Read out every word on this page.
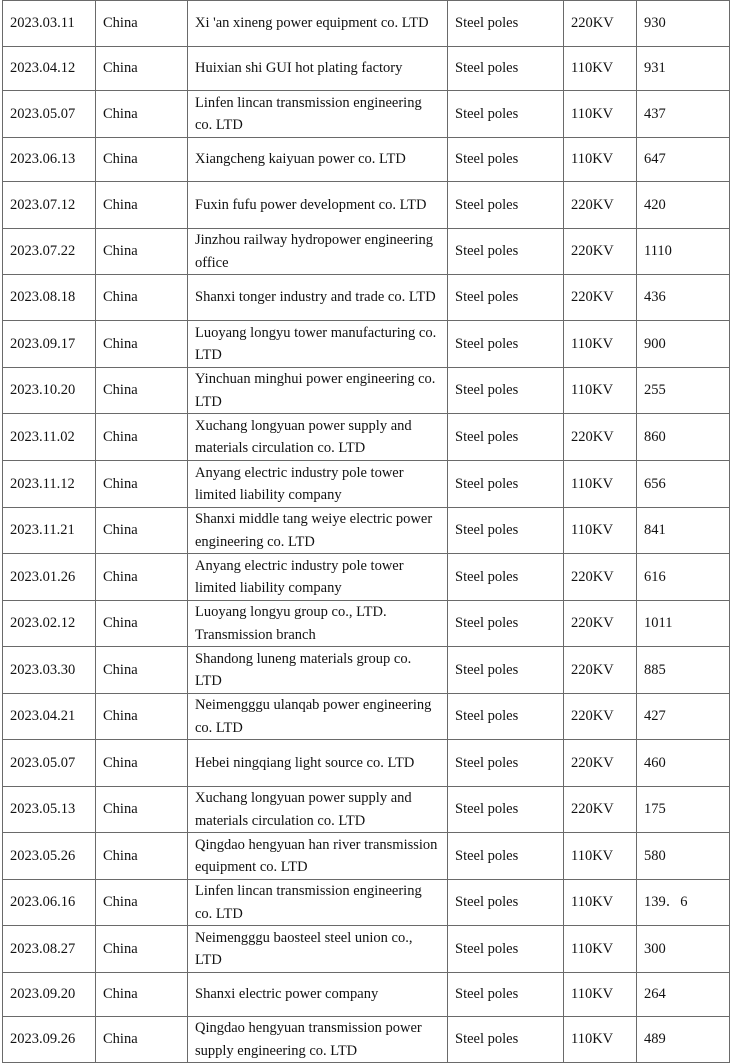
2023.03.11	China	Xi 'an xineng power equipment co. LTD	Steel poles	220KV	930
2023.04.12	China	Huixian shi GUI hot plating factory	Steel poles	110KV	931
2023.05.07	China	Linfen lincan transmission engineering co. LTD	Steel poles	110KV	437
2023.06.13	China	Xiangcheng kaiyuan power co. LTD	Steel poles	110KV	647
2023.07.12	China	Fuxin fufu power development co. LTD	Steel poles	220KV	420
2023.07.22	China	Jinzhou railway hydropower engineering office	Steel poles	220KV	1110
2023.08.18	China	Shanxi tonger industry and trade co. LTD	Steel poles	220KV	436
2023.09.17	China	Luoyang longyu tower manufacturing co. LTD	Steel poles	110KV	900
2023.10.20	China	Yinchuan minghui power engineering co. LTD	Steel poles	110KV	255
2023.11.02	China	Xuchang longyuan power supply and materials circulation co. LTD	Steel poles	220KV	860
2023.11.12	China	Anyang electric industry pole tower limited liability company	Steel poles	110KV	656
2023.11.21	China	Shanxi middle tang weiye electric power engineering co. LTD	Steel poles	110KV	841
2023.01.26	China	Anyang electric industry pole tower limited liability company	Steel poles	220KV	616
2023.02.12	China	Luoyang longyu group co., LTD. Transmission branch	Steel poles	220KV	1011
2023.03.30	China	Shandong luneng materials group co. LTD	Steel poles	220KV	885
2023.04.21	China	Neimengggu ulanqab power engineering co. LTD	Steel poles	220KV	427
2023.05.07	China	Hebei ningqiang light source co. LTD	Steel poles	220KV	460
2023.05.13	China	Xuchang longyuan power supply and materials circulation co. LTD	Steel poles	220KV	175
2023.05.26	China	Qingdao hengyuan han river transmission equipment co. LTD	Steel poles	110KV	580
2023.06.16	China	Linfen lincan transmission engineering co. LTD	Steel poles	110KV	139．6
2023.08.27	China	Neimengggu baosteel steel union co., LTD	Steel poles	110KV	300
2023.09.20	China	Shanxi electric power company	Steel poles	110KV	264
2023.09.26	China	Qingdao hengyuan transmission power supply engineering co. LTD	Steel poles	110KV	489
